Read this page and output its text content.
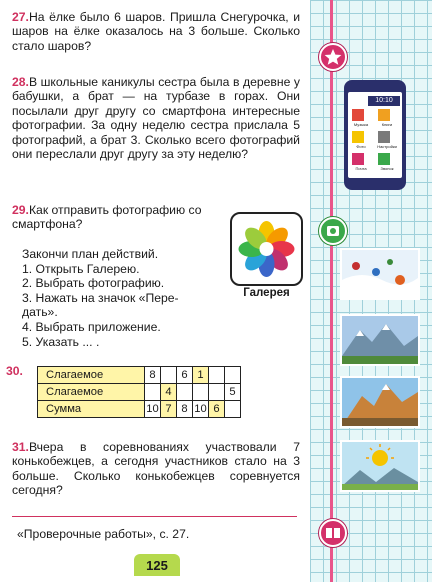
27.На ёлке было 6 шаров. Пришла Снегурочка, и шаров на ёлке оказалось на 3 больше. Сколько стало шаров?
28.В школьные каникулы сестра была в деревне у бабушки, а брат — на турбазе в горах. Они посылали друг другу со смартфона интересные фотографии. За одну неделю сестра прислала 5 фотографий, а брат 3. Сколько всего фотографий они переслали друг другу за эту неделю?
29.Как отправить фотографию со смартфона?
Закончи план действий.
1. Открыть Галерею.
2. Выбрать фотографию.
3. Нажать на значок «Пере-
дать».
4. Выбрать приложение.
5. Указать ... .
Галерея
30. Слагаемое	8		6	1		
Слагаемое		4				5
Сумма	10	7	8	10	6	
31.Вчера в соревнованиях участвовали 7 конькобежцев, а сегодня участников стало на 3 больше. Сколько конькобежцев соревнуется сегодня?
«Проверочные работы», с. 27.
125
10:10
Музыка	Книги
Фото	Настройки
Почта	Звонок
